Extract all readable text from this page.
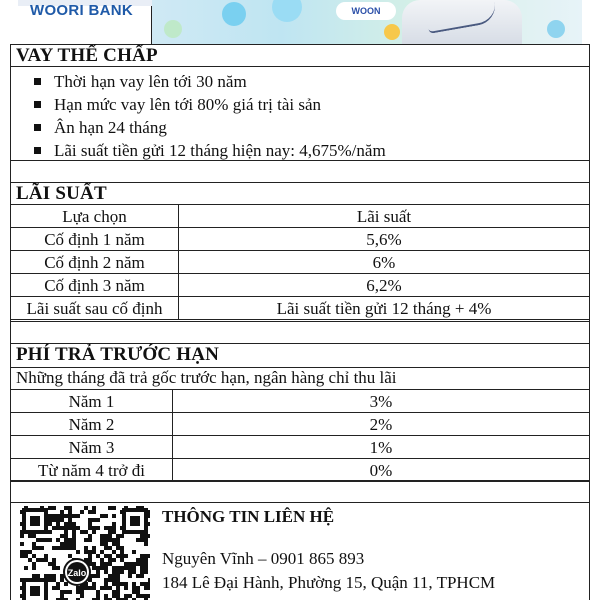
WOORI BANK	WOON
VAY THẾ CHẤP
Thời hạn vay lên tới 30 năm
Hạn mức vay lên tới 80% giá trị tài sản
Ân hạn 24 tháng
Lãi suất tiền gửi 12 tháng hiện nay: 4,675%/năm
LÃI SUẤT
Lựa chọn	Lãi suất
Cố định 1 năm	5,6%
Cố định 2 năm	6%
Cố định 3 năm	6,2%
Lãi suất sau cố định	Lãi suất tiền gửi 12 tháng + 4%
PHÍ TRẢ TRƯỚC HẠN
Những tháng đã trả gốc trước hạn, ngân hàng chỉ thu lãi
Năm 1	3%
Năm 2	2%
Năm 3	1%
Từ năm 4 trở đi	0%
Zalo
THÔNG TIN LIÊN HỆ
Nguyên Vĩnh – 0901 865 893
184 Lê Đại Hành, Phường 15, Quận 11, TPHCM
